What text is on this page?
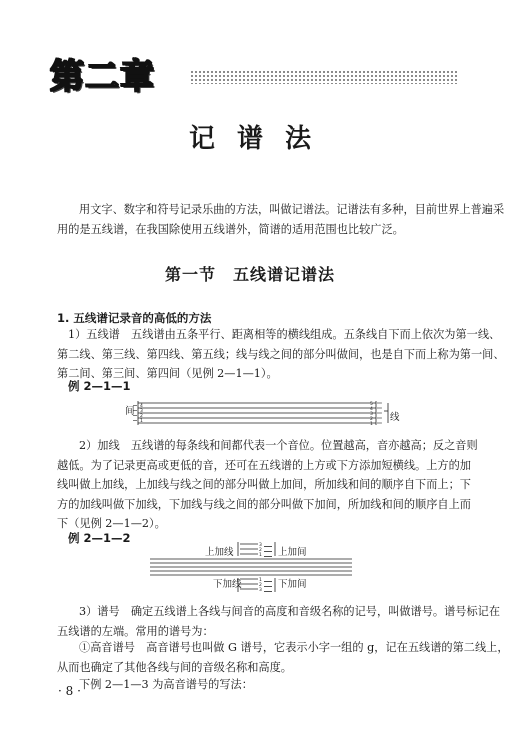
第二章
记谱法
用文字、数字和符号记录乐曲的方法，叫做记谱法。记谱法有多种，目前世界上普遍采
用的是五线谱，在我国除使用五线谱外，简谱的适用范围也比较广泛。
第一节　五线谱记谱法
1. 五线谱记录音的高低的方法
1）五线谱　五线谱由五条平行、距离相等的横线组成。五条线自下而上依次为第一线、
第二线、第三线、第四线、第五线；线与线之间的部分叫做间，也是自下而上称为第一间、
第二间、第三间、第四间（见例 2—1—1）。
例 2—1—1
间
线
4
3
2
1
5
4
3
2
1
2）加线　五线谱的每条线和间都代表一个音位。位置越高，音亦越高；反之音则
越低。为了记录更高或更低的音，还可在五线谱的上方或下方添加短横线。上方的加
线叫做上加线，上加线与线之间的部分叫做上加间，所加线和间的顺序自下而上；下
方的加线叫做下加线，下加线与线之间的部分叫做下加间，所加线和间的顺序自上而
下（见例 2—1—2）。
例 2—1—2
上加线	上加间
下加线	下加间
3
2
1
1
2
3
3）谱号　确定五线谱上各线与间音的高度和音级名称的记号，叫做谱号。谱号标记在
五线谱的左端。常用的谱号为：
①高音谱号　高音谱号也叫做 G 谱号，它表示小字一组的 g，记在五线谱的第二线上，
从而也确定了其他各线与间的音级名称和高度。
下例 2—1—3 为高音谱号的写法：
· 8 ·
